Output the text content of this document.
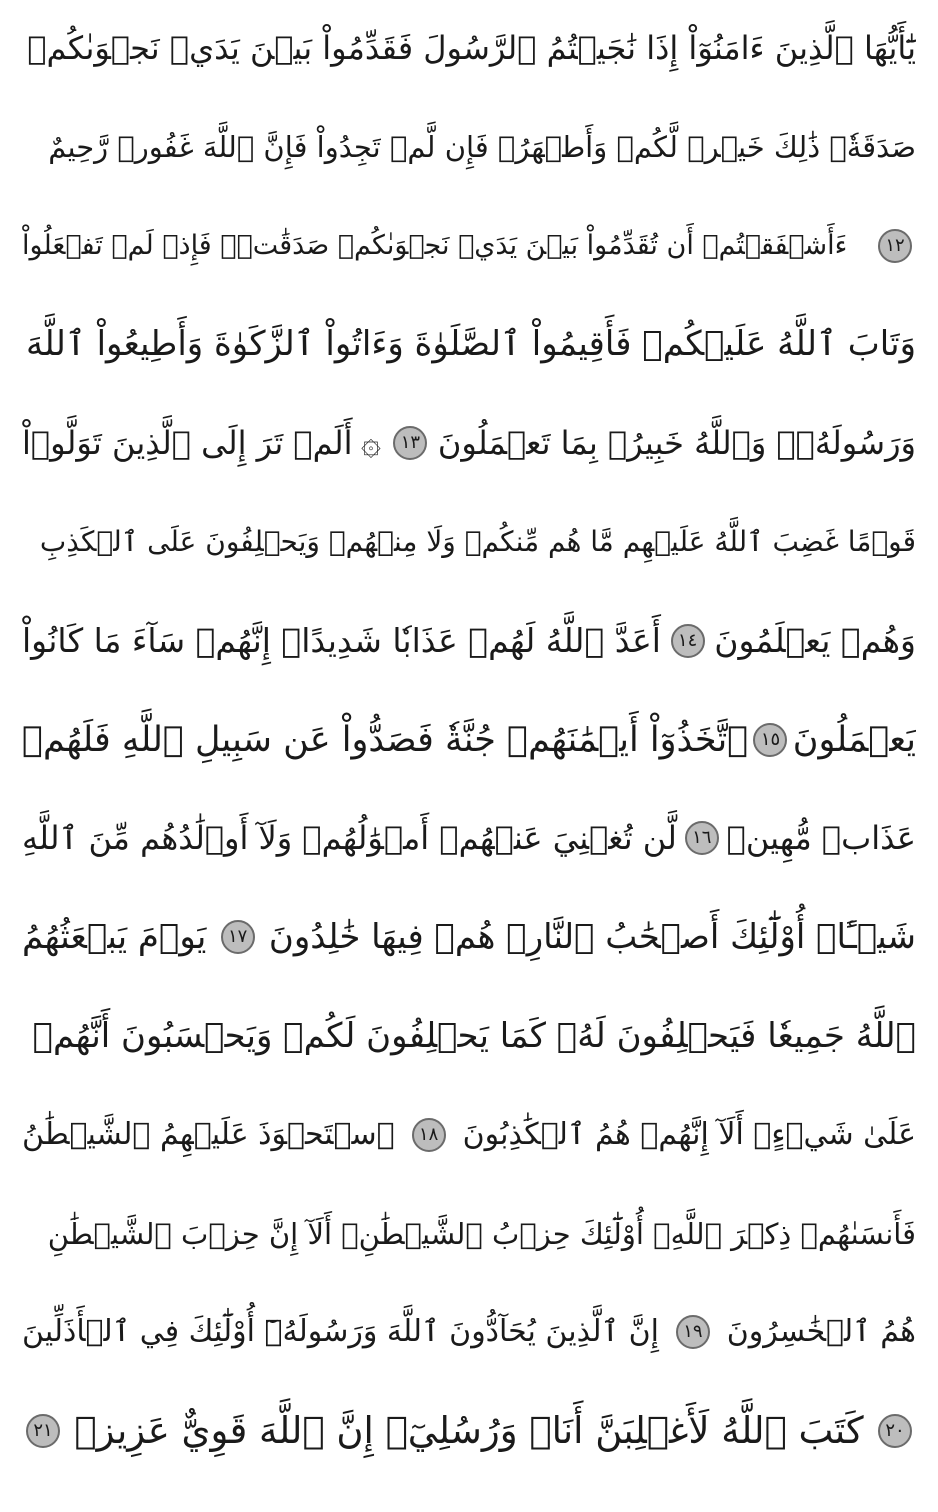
يَٰٓأَيُّهَا ٱلَّذِينَ ءَامَنُوٓاْ إِذَا نَٰجَيۡتُمُ ٱلرَّسُولَ فَقَدِّمُواْ بَيۡنَ يَدَيۡ نَجۡوَىٰكُمۡ
صَدَقَةٗۚ ذَٰلِكَ خَيۡرٞ لَّكُمۡ وَأَطۡهَرُۚ فَإِن لَّمۡ تَجِدُواْ فَإِنَّ ٱللَّهَ غَفُورٞ رَّحِيمٌ
١٢
ءَأَشۡفَقۡتُمۡ أَن تُقَدِّمُواْ بَيۡنَ يَدَيۡ نَجۡوَىٰكُمۡ صَدَقَٰتٖۚ فَإِذۡ لَمۡ تَفۡعَلُواْ
وَتَابَ ٱللَّهُ عَلَيۡكُمۡ فَأَقِيمُواْ ٱلصَّلَوٰةَ وَءَاتُواْ ٱلزَّكَوٰةَ وَأَطِيعُواْ ٱللَّهَ
وَرَسُولَهُۥۚ وَٱللَّهُ خَبِيرُۢ بِمَا تَعۡمَلُونَ
١٣
۞
أَلَمۡ تَرَ إِلَى ٱلَّذِينَ تَوَلَّوۡاْ
قَوۡمًا غَضِبَ ٱللَّهُ عَلَيۡهِم مَّا هُم مِّنكُمۡ وَلَا مِنۡهُمۡ وَيَحۡلِفُونَ عَلَى ٱلۡكَذِبِ
وَهُمۡ يَعۡلَمُونَ
١٤
أَعَدَّ ٱللَّهُ لَهُمۡ عَذَابٗا شَدِيدًاۖ إِنَّهُمۡ سَآءَ مَا كَانُواْ
يَعۡمَلُونَ
١٥
ٱتَّخَذُوٓاْ أَيۡمَٰنَهُمۡ جُنَّةٗ فَصَدُّواْ عَن سَبِيلِ ٱللَّهِ فَلَهُمۡ
عَذَابٞ مُّهِينٞ
١٦
لَّن تُغۡنِيَ عَنۡهُمۡ أَمۡوَٰلُهُمۡ وَلَآ أَوۡلَٰدُهُم مِّنَ ٱللَّهِ
شَيۡـًٔاۚ أُوْلَٰٓئِكَ أَصۡحَٰبُ ٱلنَّارِۖ هُمۡ فِيهَا خَٰلِدُونَ
١٧
يَوۡمَ يَبۡعَثُهُمُ
ٱللَّهُ جَمِيعٗا فَيَحۡلِفُونَ لَهُۥ كَمَا يَحۡلِفُونَ لَكُمۡ وَيَحۡسَبُونَ أَنَّهُمۡ
عَلَىٰ شَيۡءٍۚ أَلَآ إِنَّهُمۡ هُمُ ٱلۡكَٰذِبُونَ
١٨
ٱسۡتَحۡوَذَ عَلَيۡهِمُ ٱلشَّيۡطَٰنُ
فَأَنسَىٰهُمۡ ذِكۡرَ ٱللَّهِۚ أُوْلَٰٓئِكَ حِزۡبُ ٱلشَّيۡطَٰنِۚ أَلَآ إِنَّ حِزۡبَ ٱلشَّيۡطَٰنِ
هُمُ ٱلۡخَٰسِرُونَ
١٩
إِنَّ ٱلَّذِينَ يُحَآدُّونَ ٱللَّهَ وَرَسُولَهُۥٓ أُوْلَٰٓئِكَ فِي ٱلۡأَذَلِّينَ
٢٠
كَتَبَ ٱللَّهُ لَأَغۡلِبَنَّ أَنَا۠ وَرُسُلِيٓۚ إِنَّ ٱللَّهَ قَوِيٌّ عَزِيزٞ
٢١
